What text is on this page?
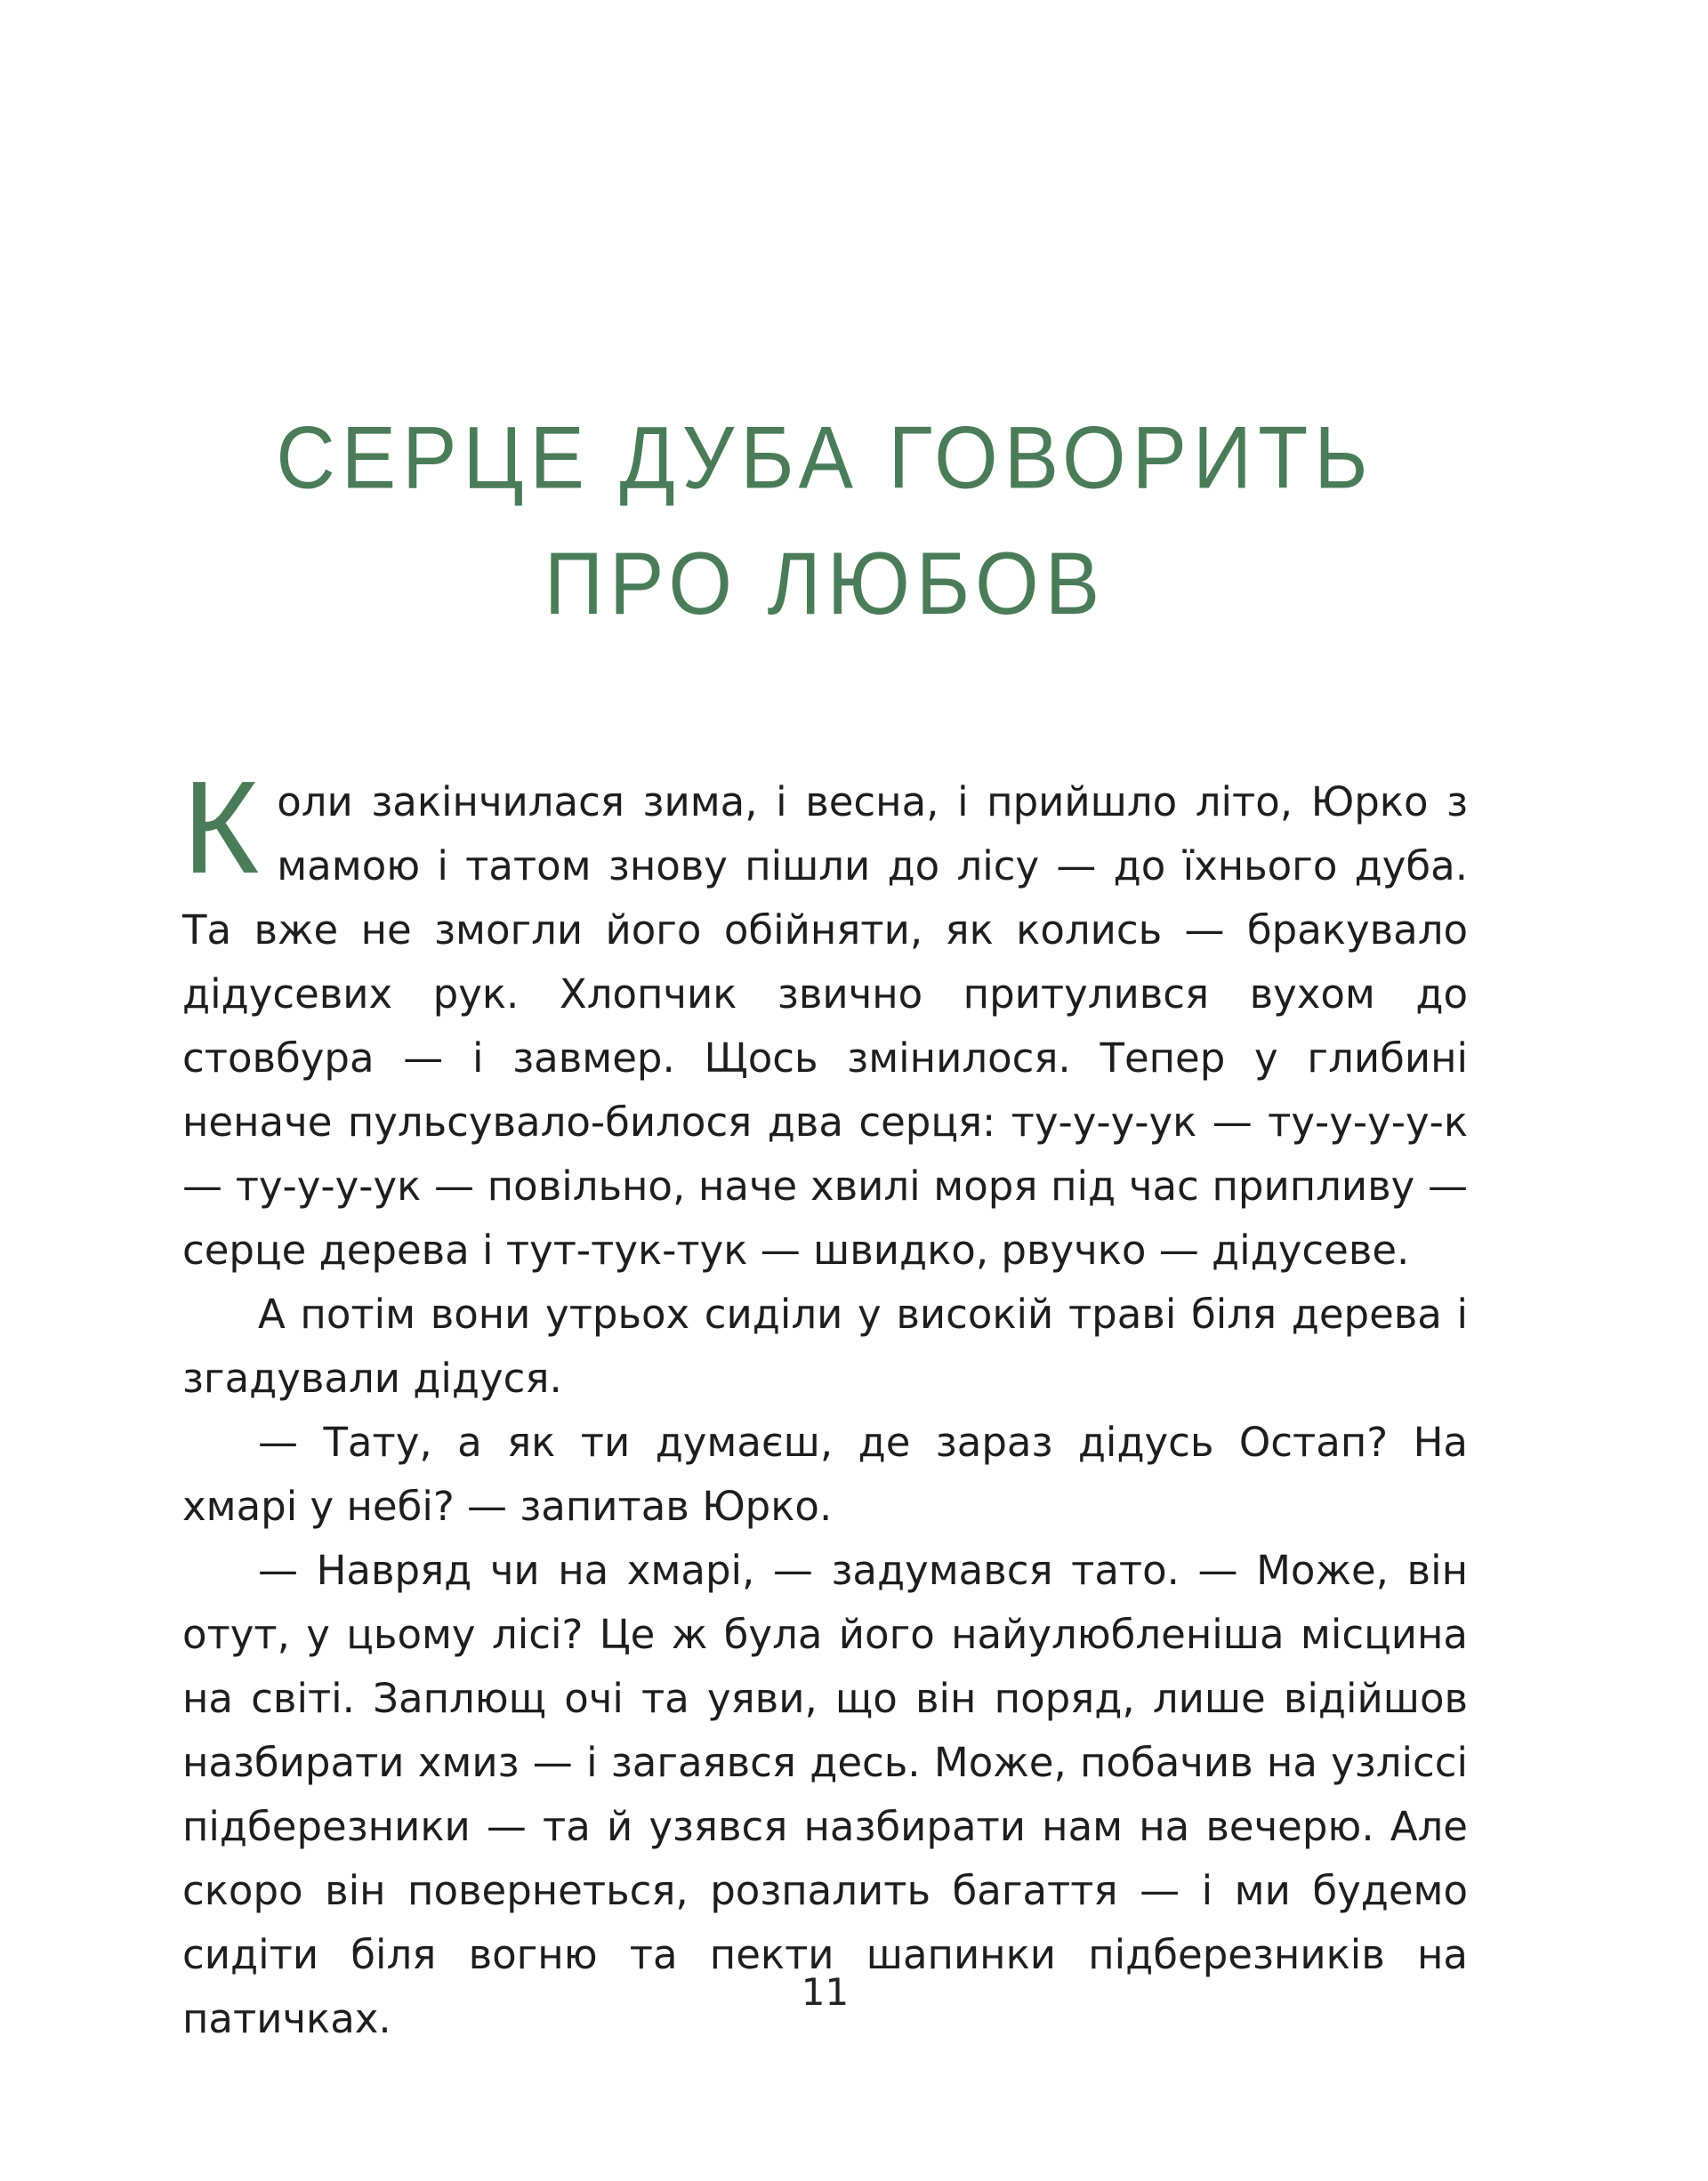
СЕРЦЕ ДУБА ГОВОРИТЬ
ПРО ЛЮБОВ

Коли закінчилася зима, і весна, і прийшло літо, Юрко з мамою і татом знову пішли до лісу — до їхнього дуба. Та вже не змогли його обійняти, як колись — бракувало дідусевих рук. Хлопчик звично притулився вухом до стовбура — і завмер. Щось змінилося. Тепер у глибині неначе пульсувало-билося два серця: ту-у-у-ук — ту-у-у-у-к — ту-у-у-ук — повільно, наче хвилі моря під час припливу — серце дерева і тут-тук-тук — швидко, рвучко — дідусеве.

А потім вони утрьох сиділи у високій траві біля дерева і згадували дідуся.

— Тату, а як ти думаєш, де зараз дідусь Остап? На хмарі у небі? — запитав Юрко.

— Навряд чи на хмарі, — задумався тато. — Може, він отут, у цьому лісі? Це ж була його найулюбленіша місцина на світі. Заплющ очі та уяви, що він поряд, лише відійшов назбирати хмиз — і загаявся десь. Може, побачив на узліссі підберезники — та й узявся назбирати нам на вечерю. Але скоро він повернеться, розпалить багаття — і ми будемо сидіти біля вогню та пекти шапинки підберезників на патичках.

11
